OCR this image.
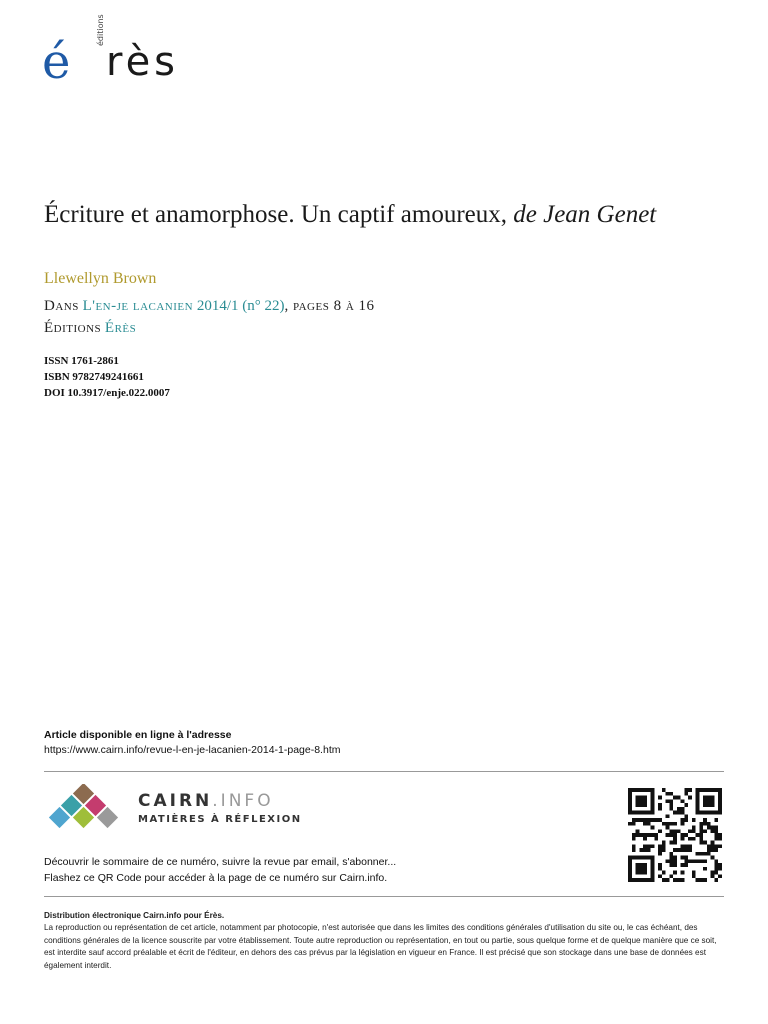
é
éditions
rès
Écriture et anamorphose. Un captif amoureux, de Jean Genet
Llewellyn Brown
Dans L'en-je lacanien 2014/1 (n° 22), pages 8 à 16
Éditions Érès
ISSN 1761-2861
ISBN 9782749241661
DOI 10.3917/enje.022.0007
Article disponible en ligne à l'adresse
https://www.cairn.info/revue-l-en-je-lacanien-2014-1-page-8.htm
CAIRN.INFO
MATIÈRES À RÉFLEXION
Découvrir le sommaire de ce numéro, suivre la revue par email, s'abonner...
Flashez ce QR Code pour accéder à la page de ce numéro sur Cairn.info.
Distribution électronique Cairn.info pour Érès.
La reproduction ou représentation de cet article, notamment par photocopie, n'est autorisée que dans les limites des conditions générales d'utilisation du site ou, le cas échéant, des conditions générales de la licence souscrite par votre établissement. Toute autre reproduction ou représentation, en tout ou partie, sous quelque forme et de quelque manière que ce soit, est interdite sauf accord préalable et écrit de l'éditeur, en dehors des cas prévus par la législation en vigueur en France. Il est précisé que son stockage dans une base de données est également interdit.
